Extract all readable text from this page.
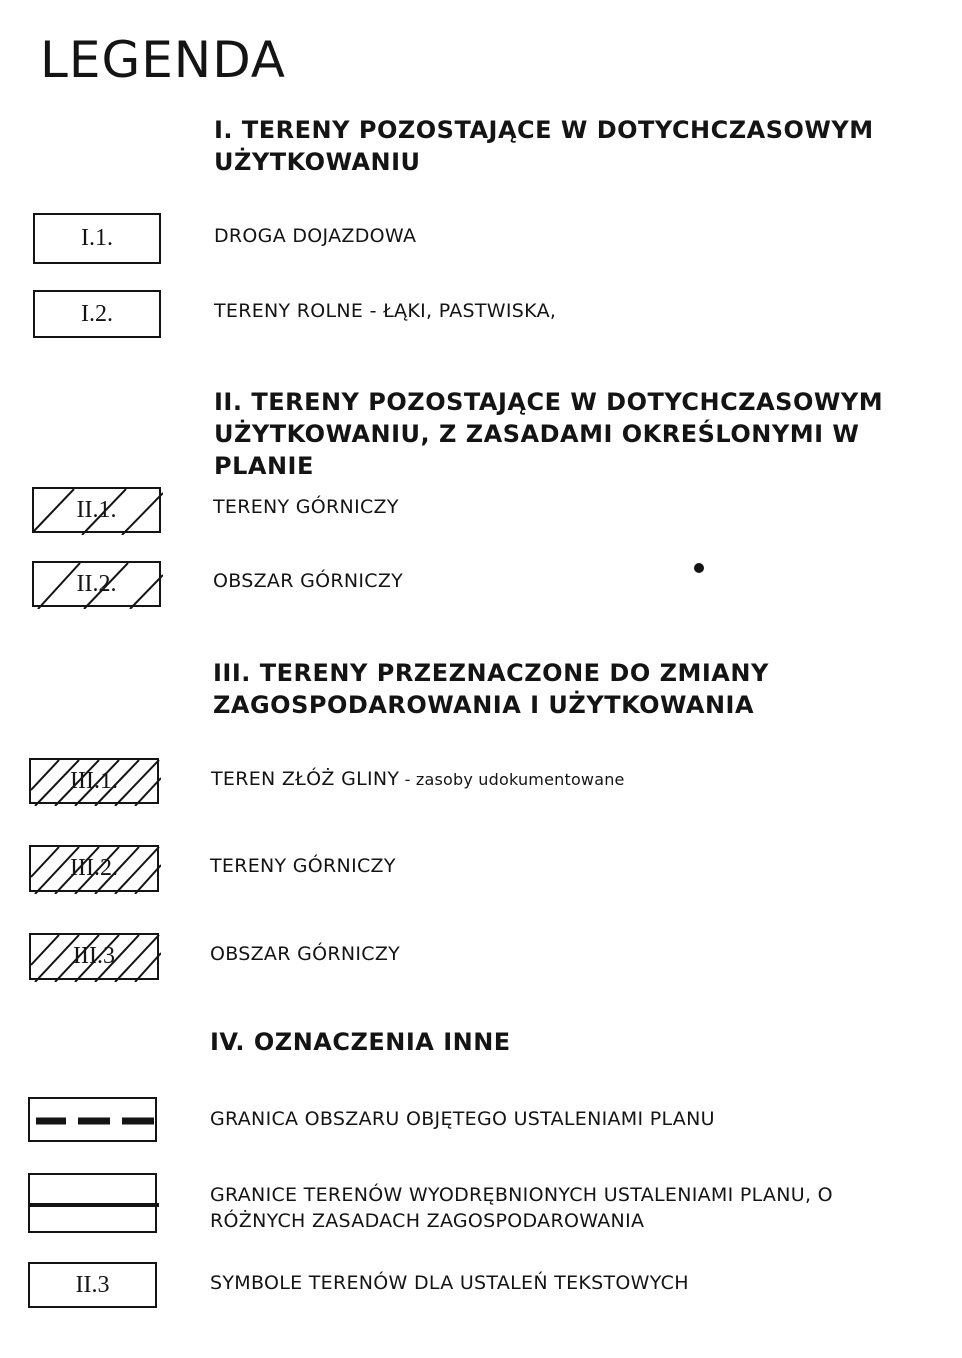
LEGENDA
I. TERENY POZOSTAJĄCE W DOTYCHCZASOWYM
UŻYTKOWANIU
I.1.	DROGA DOJAZDOWA
I.2.	TERENY ROLNE - ŁĄKI, PASTWISKA,
II. TERENY POZOSTAJĄCE W DOTYCHCZASOWYM
UŻYTKOWANIU, Z ZASADAMI OKREŚLONYMI W PLANIE
II.1.	TERENY GÓRNICZY
II.2.	OBSZAR GÓRNICZY
III. TERENY PRZEZNACZONE DO ZMIANY
ZAGOSPODAROWANIA I UŻYTKOWANIA
III.1.	TEREN ZŁÓŻ GLINY - zasoby udokumentowane
III.2.	TERENY GÓRNICZY
III.3	OBSZAR GÓRNICZY
IV. OZNACZENIA INNE
GRANICA OBSZARU OBJĘTEGO USTALENIAMI PLANU
GRANICE TERENÓW WYODRĘBNIONYCH USTALENIAMI PLANU, O
RÓŻNYCH ZASADACH ZAGOSPODAROWANIA
II.3	SYMBOLE TERENÓW DLA USTALEŃ TEKSTOWYCH
